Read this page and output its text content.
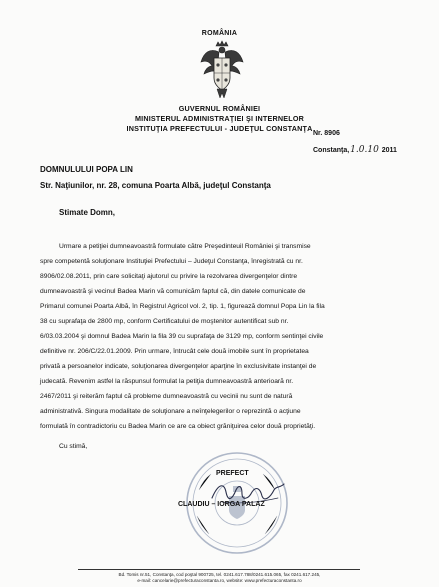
ROMÂNIA
GUVERNUL ROMÂNIEI
MINISTERUL ADMINISTRAŢIEI ŞI INTERNELOR
INSTITUŢIA PREFECTULUI - JUDEŢUL CONSTANŢA
Nr. 8906
Constanţa,1.0.10 2011
DOMNULULUI POPA LIN
Str. Naţiunilor, nr. 28, comuna Poarta Albă, judeţul Constanţa
Stimate Domn,
Urmare a petiţiei dumneavoastră formulate către Preşedinteuil României şi transmise
spre competentă soluţionare Instituţiei Prefectului – Judeţul Constanţa, înregistrată cu nr.
8906/02.08.2011, prin care solicitaţi ajutorul cu privire la rezolvarea divergenţelor dintre
dumneavoastră şi vecinul Badea Marin vă comunicăm faptul că, din datele comunicate de
Primarul comunei Poarta Albă, în Registrul Agricol vol. 2, tip. 1, figurează domnul Popa Lin la fila
38 cu suprafaţa de 2800 mp, conform Certificatului de moştenitor autentificat sub nr.
6/03.03.2004 şi domnul Badea Marin la fila 39 cu suprafaţa de 3129 mp, conform sentinţei civile
definitive nr. 206/C/22.01.2009. Prin urmare, întrucât cele două imobile sunt în proprietatea
privată a persoanelor indicate, soluţionarea divergenţelor aparţine în exclusivitate instanţei de
judecată. Revenim astfel la răspunsul formulat la petiţia dumneavoastră anterioară nr.
2467/2011 şi reiterăm faptul că probleme dumneavoastră cu vecinii nu sunt de natură
administrativă. Singura modalitate de soluţionare a neînţelegerilor o reprezintă o acţiune
formulată în contradictoriu cu Badea Marin ce are ca obiect grăniţuirea celor două proprietăţi.
Cu stimă,
PREFECT
CLAUDIU – IORGA PALAZ
Bd. Tomis nr.51, Constanţa, cod poştal 900725, tel. 0241.617.788/0241.615.065, fax 0241.617.245,
e-mail: cancelarie@prefecturaconstanta.ro, website: www.prefecturaconstanta.ro
